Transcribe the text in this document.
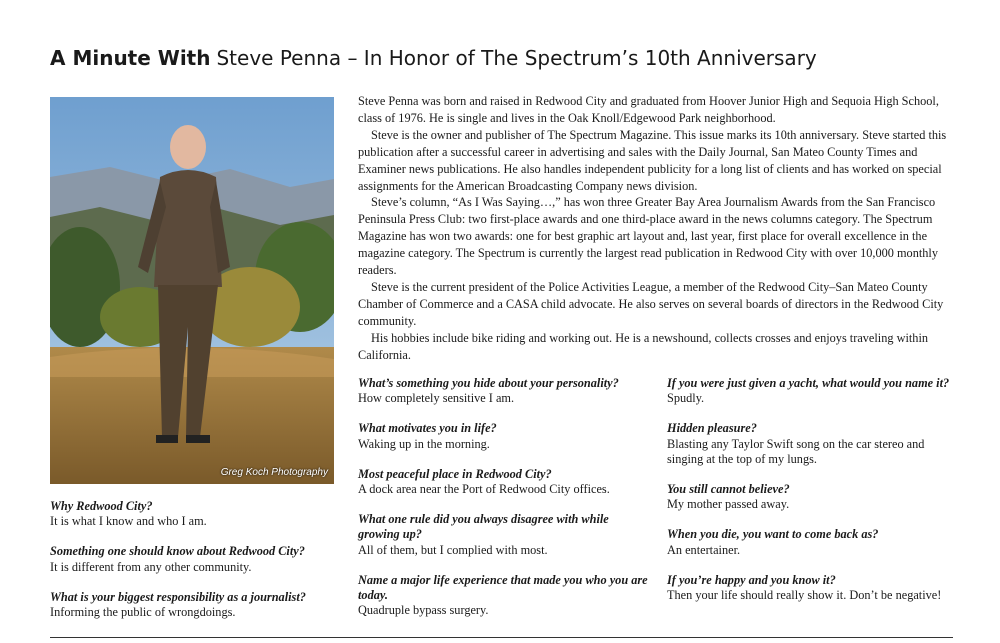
A Minute With Steve Penna – In Honor of The Spectrum’s 10th Anniversary
Greg Koch Photography

Steve Penna was born and raised in Redwood City and graduated from Hoover Junior High and Sequoia High School, class of 1976. He is single and lives in the Oak Knoll/Edgewood Park neighborhood.

Steve is the owner and publisher of The Spectrum Magazine. This issue marks its 10th anniversary. Steve started this publication after a successful career in advertising and sales with the Daily Journal, San Mateo County Times and Examiner news publications. He also handles independent publicity for a long list of clients and has worked on special assignments for the American Broadcasting Company news division.

Steve’s column, “As I Was Saying…,” has won three Greater Bay Area Journalism Awards from the San Francisco Peninsula Press Club: two first-place awards and one third-place award in the news columns category. The Spectrum Magazine has won two awards: one for best graphic art layout and, last year, first place for overall excellence in the magazine category. The Spectrum is currently the largest read publication in Redwood City with over 10,000 monthly readers.

Steve is the current president of the Police Activities League, a member of the Redwood City–San Mateo County Chamber of Commerce and a CASA child advocate. He also serves on several boards of directors in the Redwood City community.

His hobbies include bike riding and working out. He is a newshound, collects crosses and enjoys traveling within California.

Why Redwood City?
It is what I know and who I am.
Something one should know about Redwood City?
It is different from any other community.
What is your biggest responsibility as a journalist?
Informing the public of wrongdoings.
What’s something you hide about your personality?
How completely sensitive I am.
What motivates you in life?
Waking up in the morning.
Most peaceful place in Redwood City?
A dock area near the Port of Redwood City offices.
What one rule did you always disagree with while growing up?
All of them, but I complied with most.
Name a major life experience that made you who you are today.
Quadruple bypass surgery.
If you were just given a yacht, what would you name it?
Spudly.
Hidden pleasure?
Blasting any Taylor Swift song on the car stereo and singing at the top of my lungs.
You still cannot believe?
My mother passed away.
When you die, you want to come back as?
An entertainer.
If you’re happy and you know it?
Then your life should really show it. Don’t be negative!
